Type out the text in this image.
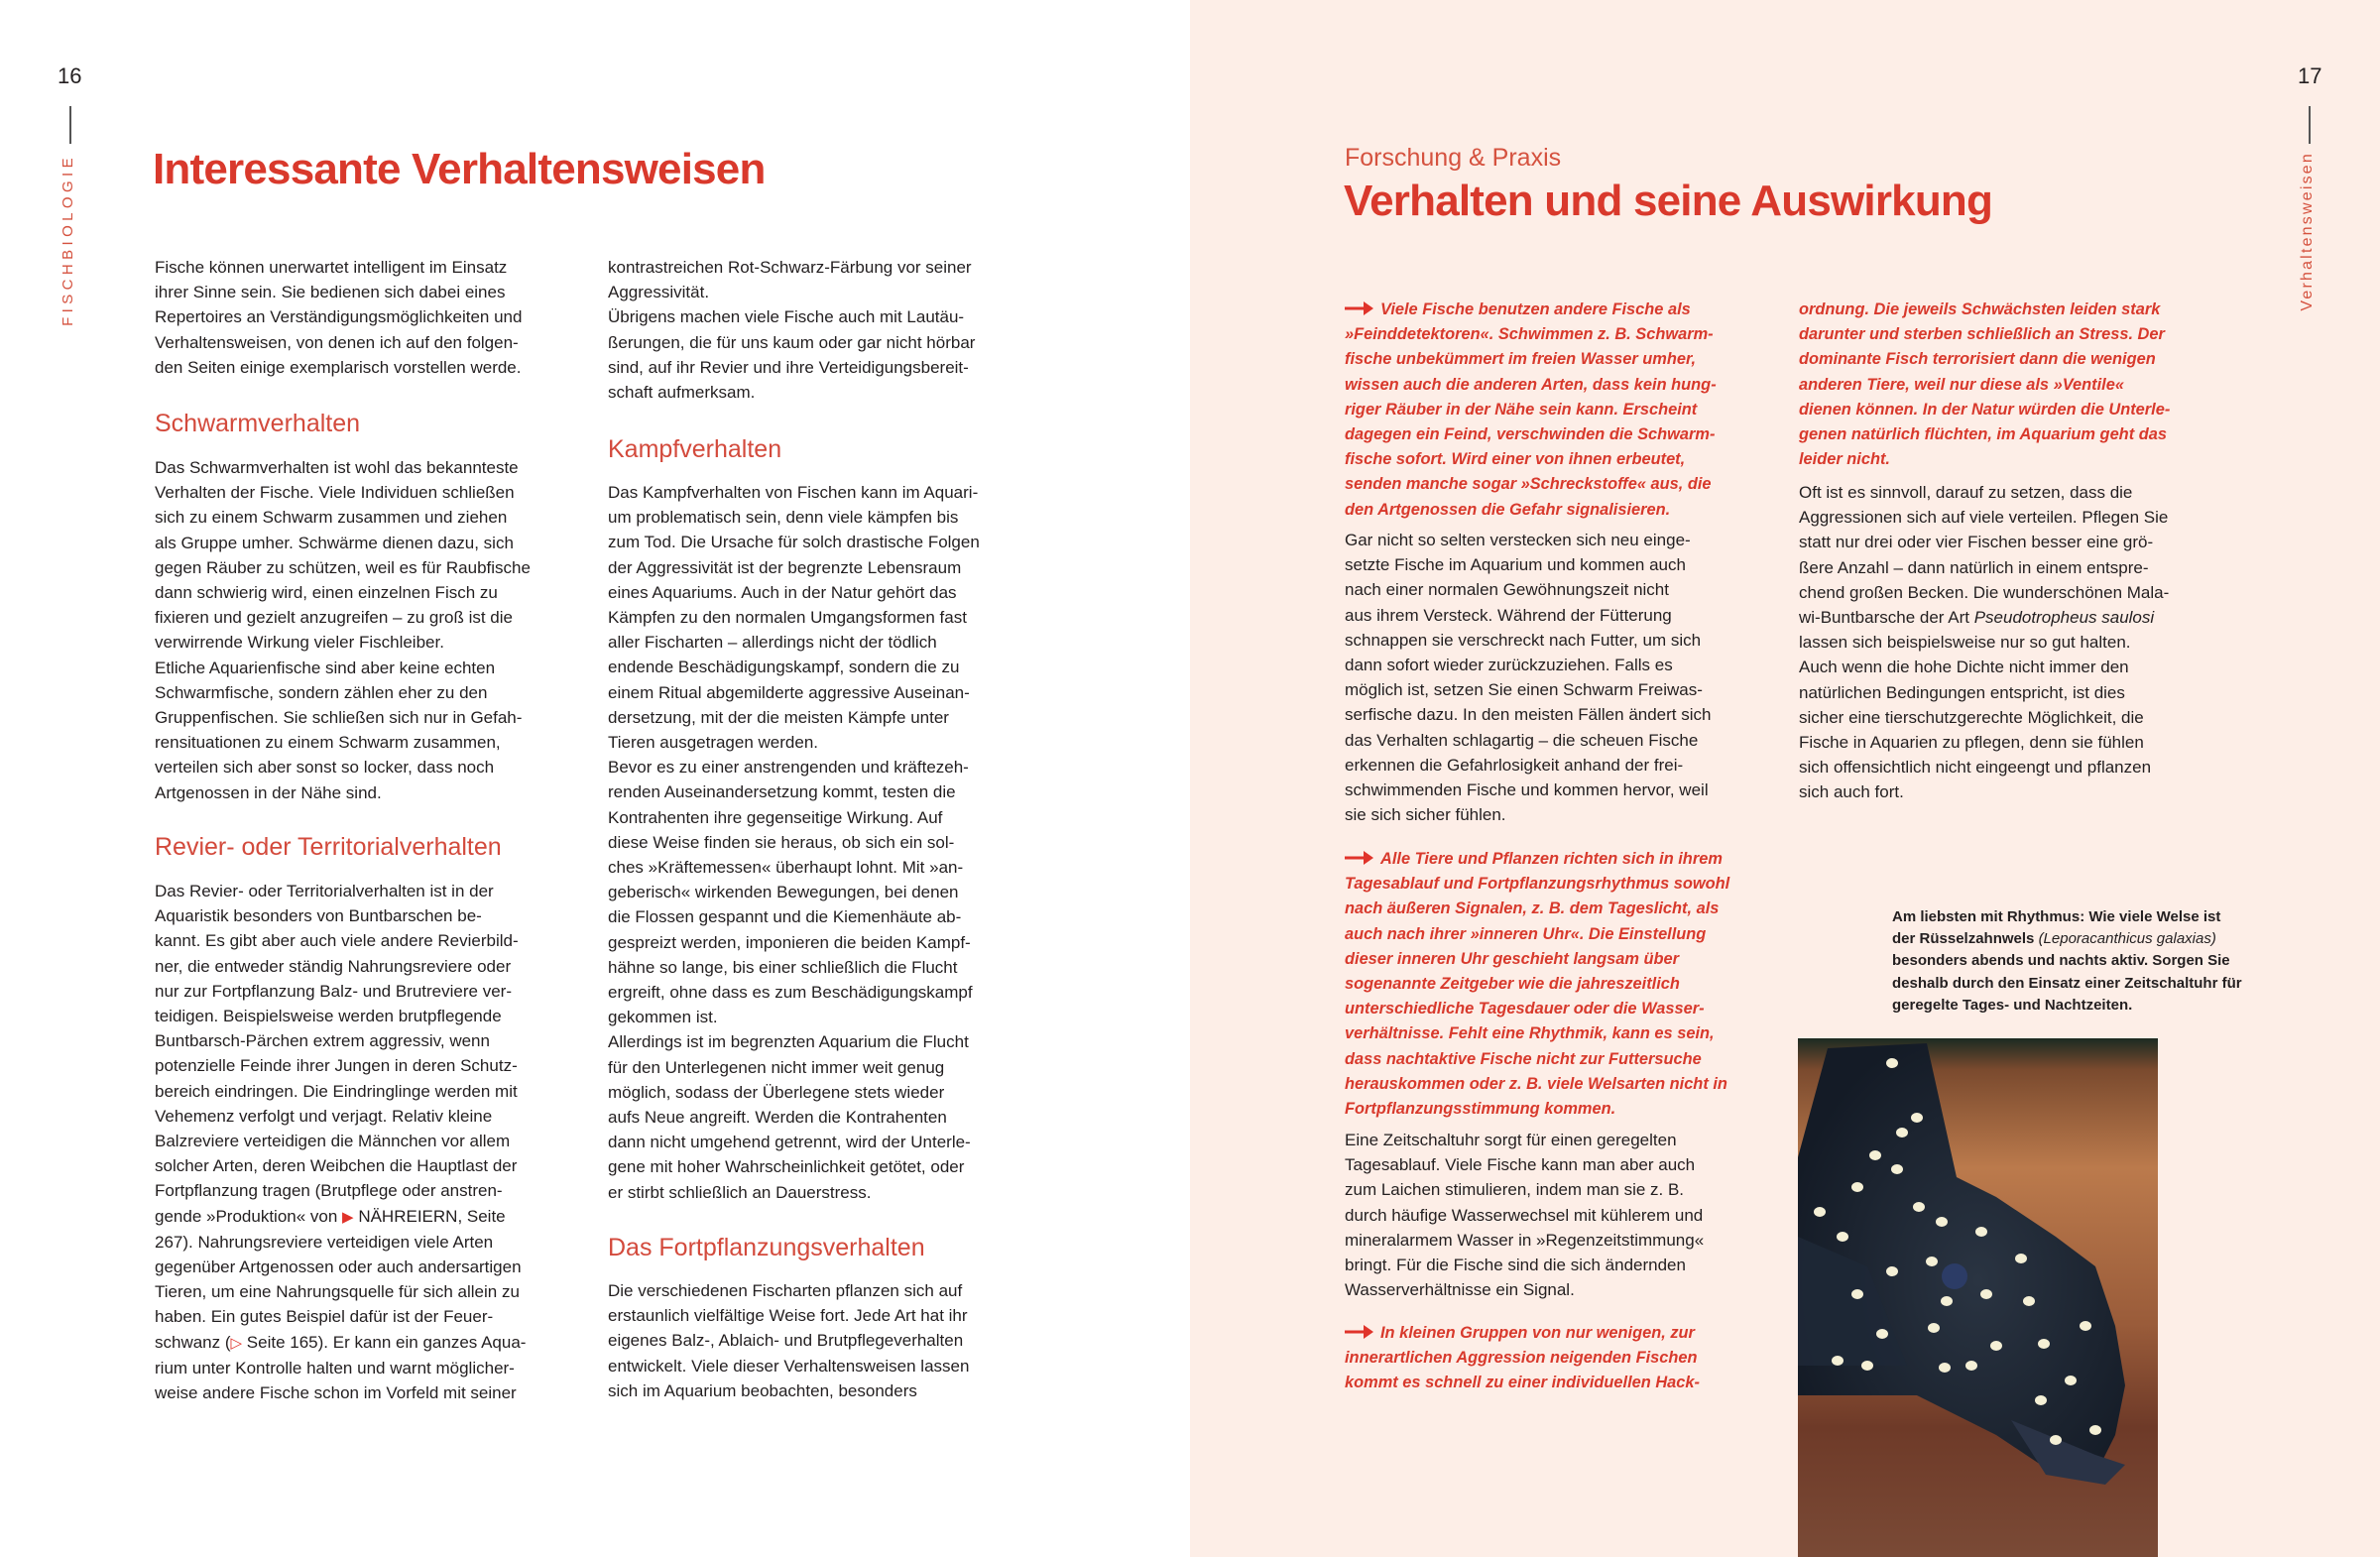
16
FISCHBIOLOGIE Interessante Verhaltensweisen
17
Verhaltensweisen
Forschung & Praxis
Verhalten und seine Auswirkung
Fische können unerwartet intelligent im Einsatz
ihrer Sinne sein. Sie bedienen sich dabei eines
Repertoires an Verständigungsmöglichkeiten und
Verhaltensweisen, von denen ich auf den folgen-
den Seiten einige exemplarisch vorstellen werde.
Schwarmverhalten
Das Schwarmverhalten ist wohl das bekannteste
Verhalten der Fische. Viele Individuen schließen
sich zu einem Schwarm zusammen und ziehen
als Gruppe umher. Schwärme dienen dazu, sich
gegen Räuber zu schützen, weil es für Raubfische
dann schwierig wird, einen einzelnen Fisch zu
fixieren und gezielt anzugreifen – zu groß ist die
verwirrende Wirkung vieler Fischleiber.
Etliche Aquarienfische sind aber keine echten
Schwarmfische, sondern zählen eher zu den
Gruppenfischen. Sie schließen sich nur in Gefah-
rensituationen zu einem Schwarm zusammen,
verteilen sich aber sonst so locker, dass noch
Artgenossen in der Nähe sind.
Revier- oder Territorialverhalten
Das Revier- oder Territorialverhalten ist in der
Aquaristik besonders von Buntbarschen be-
kannt. Es gibt aber auch viele andere Revierbild-
ner, die entweder ständig Nahrungsreviere oder
nur zur Fortpflanzung Balz- und Brutreviere ver-
teidigen. Beispielsweise werden brutpflegende
Buntbarsch-Pärchen extrem aggressiv, wenn
potenzielle Feinde ihrer Jungen in deren Schutz-
bereich eindringen. Die Eindringlinge werden mit
Vehemenz verfolgt und verjagt. Relativ kleine
Balzreviere verteidigen die Männchen vor allem
solcher Arten, deren Weibchen die Hauptlast der
Fortpflanzung tragen (Brutpflege oder anstren-
gende »Produktion« von ▶ NÄHREIERN, Seite
267). Nahrungsreviere verteidigen viele Arten
gegenüber Artgenossen oder auch andersartigen
Tieren, um eine Nahrungsquelle für sich allein zu
haben. Ein gutes Beispiel dafür ist der Feuer-
schwanz (▷ Seite 165). Er kann ein ganzes Aqua-
rium unter Kontrolle halten und warnt möglicher-
weise andere Fische schon im Vorfeld mit seiner
kontrastreichen Rot-Schwarz-Färbung vor seiner
Aggressivität.
Übrigens machen viele Fische auch mit Lautäu-
ßerungen, die für uns kaum oder gar nicht hörbar
sind, auf ihr Revier und ihre Verteidigungsbereit-
schaft aufmerksam.
Kampfverhalten
Das Kampfverhalten von Fischen kann im Aquari-
um problematisch sein, denn viele kämpfen bis
zum Tod. Die Ursache für solch drastische Folgen
der Aggressivität ist der begrenzte Lebensraum
eines Aquariums. Auch in der Natur gehört das
Kämpfen zu den normalen Umgangsformen fast
aller Fischarten – allerdings nicht der tödlich
endende Beschädigungskampf, sondern die zu
einem Ritual abgemilderte aggressive Auseinan-
dersetzung, mit der die meisten Kämpfe unter
Tieren ausgetragen werden.
Bevor es zu einer anstrengenden und kräftezeh-
renden Auseinandersetzung kommt, testen die
Kontrahenten ihre gegenseitige Wirkung. Auf
diese Weise finden sie heraus, ob sich ein sol-
ches »Kräftemessen« überhaupt lohnt. Mit »an-
geberisch« wirkenden Bewegungen, bei denen
die Flossen gespannt und die Kiemenhäute ab-
gespreizt werden, imponieren die beiden Kampf-
hähne so lange, bis einer schließlich die Flucht
ergreift, ohne dass es zum Beschädigungskampf
gekommen ist.
Allerdings ist im begrenzten Aquarium die Flucht
für den Unterlegenen nicht immer weit genug
möglich, sodass der Überlegene stets wieder
aufs Neue angreift. Werden die Kontrahenten
dann nicht umgehend getrennt, wird der Unterle-
gene mit hoher Wahrscheinlichkeit getötet, oder
er stirbt schließlich an Dauerstress.
Das Fortpflanzungsverhalten
Die verschiedenen Fischarten pflanzen sich auf
erstaunlich vielfältige Weise fort. Jede Art hat ihr
eigenes Balz-, Ablaich- und Brutpflegeverhalten
entwickelt. Viele dieser Verhaltensweisen lassen
sich im Aquarium beobachten, besonders
Viele Fische benutzen andere Fische als
»Feinddetektoren«. Schwimmen z. B. Schwarm-
fische unbekümmert im freien Wasser umher,
wissen auch die anderen Arten, dass kein hung-
riger Räuber in der Nähe sein kann. Erscheint
dagegen ein Feind, verschwinden die Schwarm-
fische sofort. Wird einer von ihnen erbeutet,
senden manche sogar »Schreckstoffe« aus, die
den Artgenossen die Gefahr signalisieren.
Gar nicht so selten verstecken sich neu einge-
setzte Fische im Aquarium und kommen auch
nach einer normalen Gewöhnungszeit nicht
aus ihrem Versteck. Während der Fütterung
schnappen sie verschreckt nach Futter, um sich
dann sofort wieder zurückzuziehen. Falls es
möglich ist, setzen Sie einen Schwarm Freiwas-
serfische dazu. In den meisten Fällen ändert sich
das Verhalten schlagartig – die scheuen Fische
erkennen die Gefahrlosigkeit anhand der frei-
schwimmenden Fische und kommen hervor, weil
sie sich sicher fühlen.
Alle Tiere und Pflanzen richten sich in ihrem
Tagesablauf und Fortpflanzungsrhythmus sowohl
nach äußeren Signalen, z. B. dem Tageslicht, als
auch nach ihrer »inneren Uhr«. Die Einstellung
dieser inneren Uhr geschieht langsam über
sogenannte Zeitgeber wie die jahreszeitlich
unterschiedliche Tagesdauer oder die Wasser-
verhältnisse. Fehlt eine Rhythmik, kann es sein,
dass nachtaktive Fische nicht zur Futtersuche
herauskommen oder z. B. viele Welsarten nicht in
Fortpflanzungsstimmung kommen.
Eine Zeitschaltuhr sorgt für einen geregelten
Tagesablauf. Viele Fische kann man aber auch
zum Laichen stimulieren, indem man sie z. B.
durch häufige Wasserwechsel mit kühlerem und
mineralarmem Wasser in »Regenzeitstimmung«
bringt. Für die Fische sind die sich ändernden
Wasserverhältnisse ein Signal.
In kleinen Gruppen von nur wenigen, zur
innerartlichen Aggression neigenden Fischen
kommt es schnell zu einer individuellen Hack-
ordnung. Die jeweils Schwächsten leiden stark
darunter und sterben schließlich an Stress. Der
dominante Fisch terrorisiert dann die wenigen
anderen Tiere, weil nur diese als »Ventile«
dienen können. In der Natur würden die Unterle-
genen natürlich flüchten, im Aquarium geht das
leider nicht.
Oft ist es sinnvoll, darauf zu setzen, dass die
Aggressionen sich auf viele verteilen. Pflegen Sie
statt nur drei oder vier Fischen besser eine grö-
ßere Anzahl – dann natürlich in einem entspre-
chend großen Becken. Die wunderschönen Mala-
wi-Buntbarsche der Art Pseudotropheus saulosi
lassen sich beispielsweise nur so gut halten.
Auch wenn die hohe Dichte nicht immer den
natürlichen Bedingungen entspricht, ist dies
sicher eine tierschutzgerechte Möglichkeit, die
Fische in Aquarien zu pflegen, denn sie fühlen
sich offensichtlich nicht eingeengt und pflanzen
sich auch fort.
Am liebsten mit Rhythmus: Wie viele Welse ist
der Rüsselzahnwels (Leporacanthicus galaxias)
besonders abends und nachts aktiv. Sorgen Sie
deshalb durch den Einsatz einer Zeitschaltuhr für
geregelte Tages- und Nachtzeiten.
